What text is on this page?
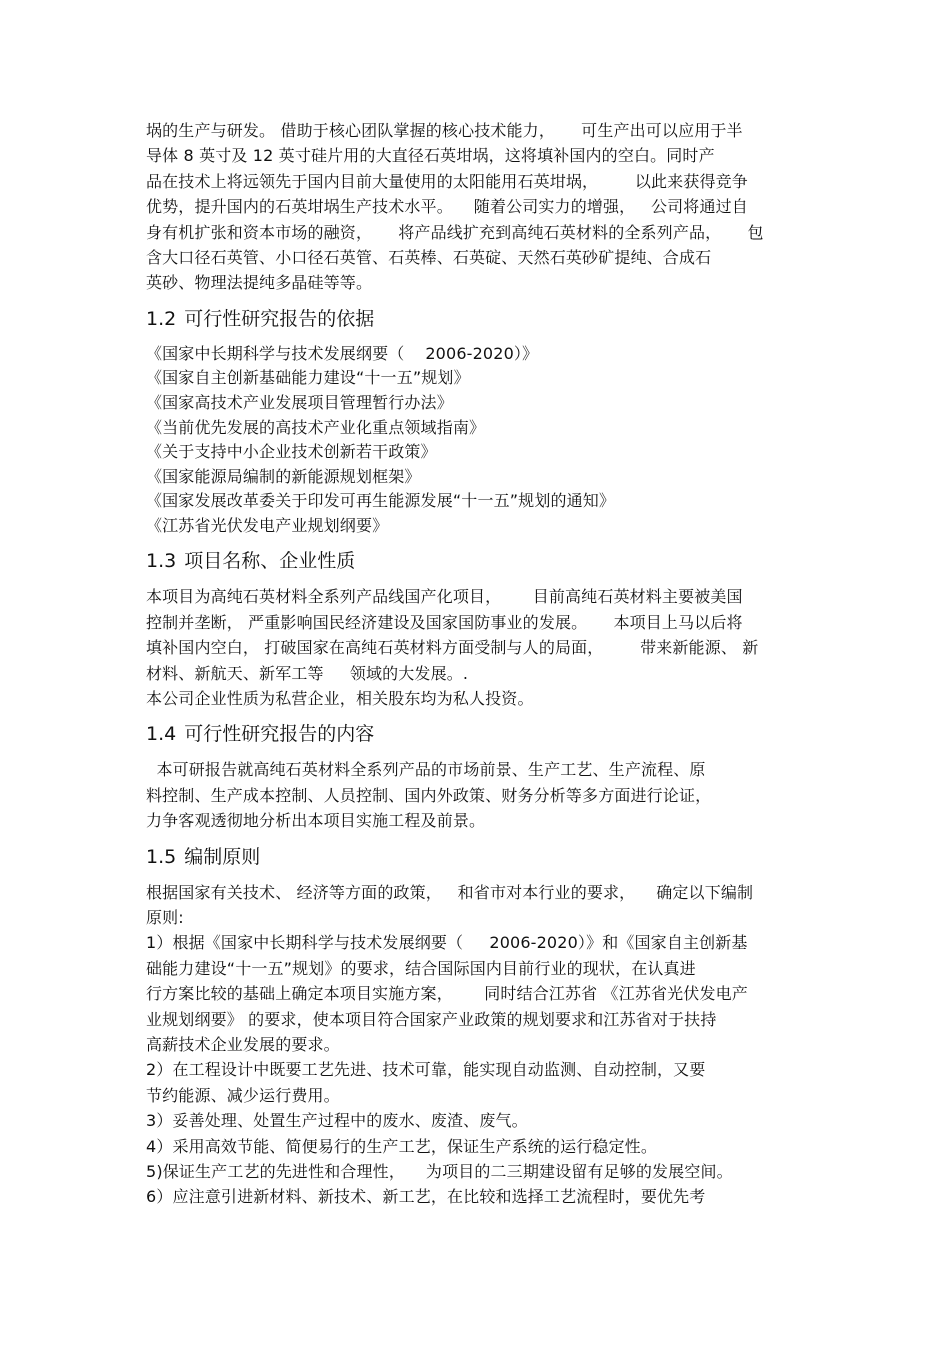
埚的生产与研发。 借助于核心团队掌握的核心技术能力，     可生产出可以应用于半
导体 8 英寸及 12 英寸硅片用的大直径石英坩埚，这将填补国内的空白。同时产
品在技术上将远领先于国内目前大量使用的太阳能用石英坩埚，       以此来获得竞争
优势，提升国内的石英坩埚生产技术水平。    随着公司实力的增强，   公司将通过自
身有机扩张和资本市场的融资，     将产品线扩充到高纯石英材料的全系列产品，     包
含大口径石英管、小口径石英管、石英棒、石英碇、天然石英砂矿提纯、合成石
英砂、物理法提纯多晶硅等等。
1.2 可行性研究报告的依据
《国家中长期科学与技术发展纲要（    2006-2020）》
《国家自主创新基础能力建设“十一五”规划》
《国家高技术产业发展项目管理暂行办法》
《当前优先发展的高技术产业化重点领域指南》
《关于支持中小企业技术创新若干政策》
《国家能源局编制的新能源规划框架》
《国家发展改革委关于印发可再生能源发展“十一五”规划的通知》
《江苏省光伏发电产业规划纲要》
1.3 项目名称、企业性质
本项目为高纯石英材料全系列产品线国产化项目，      目前高纯石英材料主要被美国
控制并垄断， 严重影响国民经济建设及国家国防事业的发展。     本项目上马以后将
填补国内空白， 打破国家在高纯石英材料方面受制与人的局面，       带来新能源、 新
材料、新航天、新军工等     领域的大发展。.
本公司企业性质为私营企业，相关股东均为私人投资。
1.4 可行性研究报告的内容
本可研报告就高纯石英材料全系列产品的市场前景、生产工艺、生产流程、原
料控制、生产成本控制、人员控制、国内外政策、财务分析等多方面进行论证，
力争客观透彻地分析出本项目实施工程及前景。
1.5 编制原则
根据国家有关技术、 经济等方面的政策，   和省市对本行业的要求，    确定以下编制
原则:
1）根据《国家中长期科学与技术发展纲要（     2006-2020）》和《国家自主创新基
础能力建设“十一五”规划》的要求，结合国际国内目前行业的现状，在认真进
行方案比较的基础上确定本项目实施方案，      同时结合江苏省 《江苏省光伏发电产
业规划纲要》 的要求，使本项目符合国家产业政策的规划要求和江苏省对于扶持
高薪技术企业发展的要求。
2）在工程设计中既要工艺先进、技术可靠，能实现自动监测、自动控制，又要
节约能源、减少运行费用。
3）妥善处理、处置生产过程中的废水、废渣、废气。
4）采用高效节能、简便易行的生产工艺，保证生产系统的运行稳定性。
5)保证生产工艺的先进性和合理性，    为项目的二三期建设留有足够的发展空间。
6）应注意引进新材料、新技术、新工艺，在比较和选择工艺流程时，要优先考
